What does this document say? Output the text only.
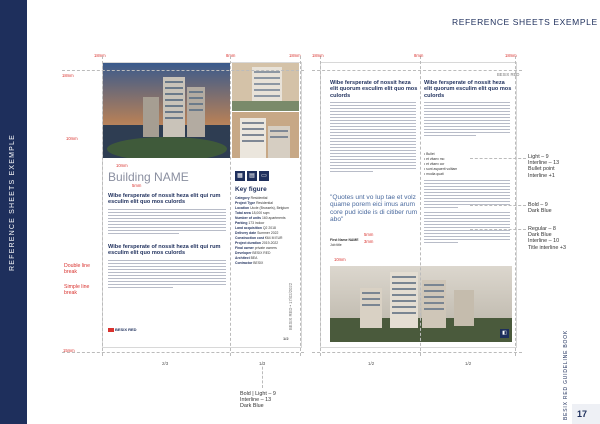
REFERENCE SHEETS EXEMPLE
REFERENCE SHEETS EXEMPLE
Building NAME
Wibe fersperate of nossit heza elit qui rum esculim elit quo mos culords
Wibe fersperate of nossit heza elit qui rum esculim elit quo mos culords
▦	▤	▭
Key figure
Category Residential
Project Type Residential
Location Uccle (Brussels), Belgium
Total area 18,000 sqm
Number of units 160 apartments
Parking 173 indoor
Land acquisition Q2 2018
Delivery date Summer 2022
Construction cost €64 M EUR
Project duration 2019-2022
Final owner private owners
Developer BESIX RED
Architect BEA
Contractor BESIX
BESIX RED
1/2
BESIX RED • 17/02/2022
18mm
18mm	8mm	18mm
10mm
10mm
5mm
15mm
Double line break
Simple line break
2/3	1/3
Bold | Light – 9
Interline – 13
Dark Blue
Wibe fersperate of nossit heza elit quorum esculim elit quo mos culords
Wibe fersperate of nossit heza elit quorum esculim elit quo mos culords
• Bullet
• et vitaex mo
• et vitaex cor
• sunt aspaerit volitam
• modia quati
"Quotes unt vo lup tae et volz quame porem eici imus arum core pud icide is di citiber rum abo"
First Name NAME
Job title
5mm
3mm
10mm
◧
BESIX RED
18mm	8mm	18mm
1/2	1/2
Light – 9
Interline – 13
Bullet point
Interline +1
Bold – 9
Dark Blue
Regular – 8
Dark Blue
Interline – 10
Title interline +3
BESIX RED GUIDELINE BOOK 17
